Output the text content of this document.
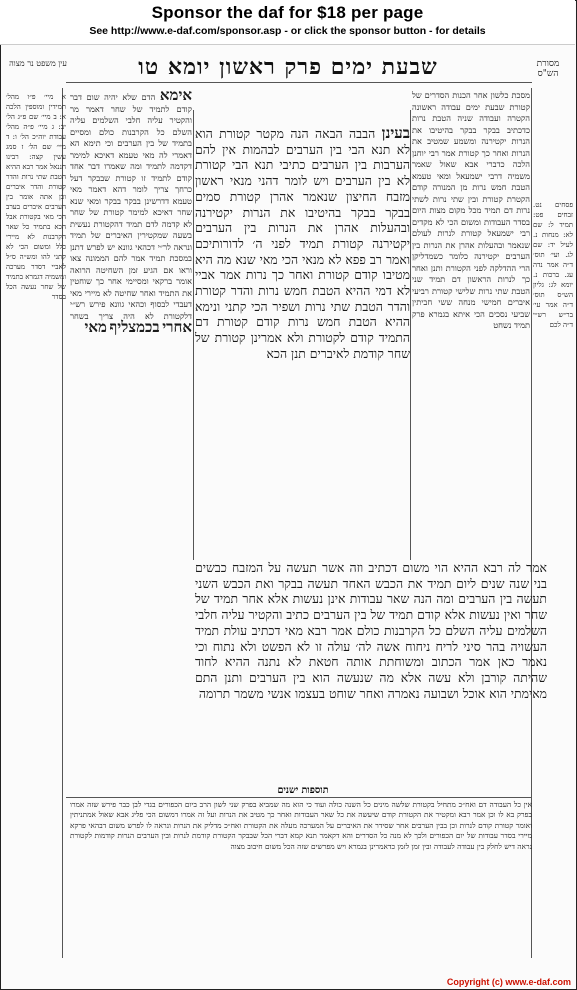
Sponsor the daf for $18 per page
See http://www.e-daf.com/sponsor.asp - or click the sponsor button - for details
מסורת הש"ס
שבעת ימים פרק ראשון יומא טו
עין משפט נר מצוה
בעינן הבבה הבאה הנה מקטר קטורת הוא לא תנא הבי בין הערבים לבהמות אין להם הערבות בין הערבים כתיבי תנא הבי קטורת לא בין הערבים ויש לומר דהני מנאי ראשון מזבח החיצון שנאמר אהרן קטורת סמים בבקר בבקר בהיטיבו את הנרות יקטירנה ובהעלות אהרן את הנרות בין הערבים יקטירנה קטורת תמיד לפני ה׳ לדורותיכם ואמר רב פפא לא מנאי הכי מאי שנא מה היא מטיבו קודם קטורת ואחר כך נרות אמר אביי לא דמי ההיא הטבת חמש נרות והדר קטורת והדר הטבת שתי נרות ושפיר הכי קתני ונימא ההיא הטבת חמש נרות קודם קטורת דם התמיד קודם לקטורת ולא אמרינן קטורת של שחר קודמת לאיברים תנן הכא
אמר לה רבא ההיא הוי משום דכתיב וזה אשר תעשה על המזבח כבשים בני שנה שנים ליום תמיד את הכבש האחד תעשה בבקר ואת הכבש השני תעשה בין הערבים ומה הנה שאר עבודות אינן נעשות אלא אחר תמיד של שחר ואין נעשות אלא קודם תמיד של בין הערבים כתיב והקטיר עליה חלבי השלמים עליה השלם כל הקרבנות כולם אמר רבא מאי דכתיב עולת תמיד העשויה בהר סיני לריח ניחוח אשה לה׳ עולה זו לא הפשט ולא נתוח וכי נאמר כאן אמר הכתוב ומשוחתת אותה חטאת לא נתנה ההיא לחוד שהיתה קורבן ולא עשה אלא מה שנעשה הוא בין הערבים ותנן התם מאימתי הוא אוכל ושבועה נאמרה ואחר שוחט בעצמו אנשי משמר תרומה
מסכת כלשון אחר הכנות הסדרים של קטורת שבעת ימים עבודה ראשונה הקטרה ועבודה שניה הטבת נרות כדכתיב בבקר בבקר בהיטיבו את הנרות יקטירנה ומשמע שמטיב את הנרות ואחר כך קטורת אמר רבי יוחנן הלכה כדברי אבא שאול שאמר משמיה דרבי ישמעאל ומאי טעמא הטבת חמש נרות מן המנורה קודם הקטרת קטורת ובין שתי נרות לשתי נרות דם תמיד מכל מקום מצות היום בסדר העבודות ומשום הכי לא מקדים רבי ישמעאל קטורת לנרות לעולם שנאמר ובהעלות אהרן את הנרות בין הערבים יקטירנה כלומר כשמדליקן הרי ההדלקה לפני הקטורת ותנן ואחר כך לנרות הראשון דם תמיד שני הטבת שתי נרות שלישי קטורת רביעי איברים חמישי מנחה ששי חביתין שביעי נסכים הכי איתא בגמרא פרק תמיד נשחט
אימא הדם שלא יהיה שום דבר קודם לתמיד של שחר דאמר מר והקטיר עליה חלבי השלמים עליה השלם כל הקרבנות כולם ומסיים בתמיד של בין הערבים וכי תימא הא דאמרי לה מאי טעמא דאיכא למימר דקדמה לתמיד ומה שאמרו דבר אחד קודם לתמיד זו קטורת שבבקר דעל כרחך צריך לומר דהא דאמר מאי טעמא דדרשינן בבקר בבקר ומאי שנא שחר דאיכא למימר קטורת של שחר לא קדמה לדם תמיד דהקטורת נעשית בשעה שמקטירין האיברים של תמיד ונראה לר״י דכהאי גוונא יש לפרש דתנן במסכת תמיד אמר להם הממונה צאו וראו אם הגיע זמן השחיטה הרואה אומר ברקאי ומסיימי אחר כך שוחטין את התמיד ואחר שחיטה לא מיירי מאי דעבדי לבסוף וכהאי גוונא פירש רש״י דלקטורת לא היה צריך בשחר אחרי בכמצליף מאי
א מיי׳ פ״ו מהל׳ תמידין ומוספין הלכה א: ב מיי׳ שם פ״ג הל׳ יב: ג מיי׳ פ״ה מהל׳ עבודת יוה״כ הל׳ ו: ד מיי׳ שם הל׳ ז סמג עשין קצה: רבינו חננאל אמר רבא ההיא הטבת שתי נרות והדר קטורת והדר איברים וכן אתה אומר בין הערבים איברים בערב הכי מאי בקטורת אבל הכא בתמיד כל שאר הקרבנות לא מיירי כלל ומשום הכי לא קתני להו ומש״ה ס״ל לאביי דסדר מערכה ומשמיה דגמרא בתמיד של שחר נעשה הכל בסדר
פסחים נט. זבחים פט: תמיד ל: שם לא: מנחות נ. לעיל יד: שם לג. ועי׳ תוס׳ ד״ה אמר נדה עג. ברכות נ. יומא לג: גליון הש״ס תוס׳ ד״ה אמר עי׳ בר״ש רש״י ד״ה לכם
תוספות ישנים
אין כל העבודה דם ואח״כ מתחיל בקטורת שלשה מינים כל השנה כולה ועוד כי הוא מה שמביא בפרק שני לשון הרב ביום הכפורים בגדי לבן כבר פירש שזה אמרו בפרק בא לו וכן אמר רבא ומקטיר את הקטורת קודם שיעשה את כל שאר העבודות ואחר כך מטיב את הנרות ועל זה אמרו דמשום הכי פליג אבא שאול אמתניתין ואומר קטורת קודם לנרות וכן בבין הערבים אחר שסידר את האיברים על המערכה מעלה את הקטורת ואח״כ מדליק את הנרות ונראה לו לפרש משום דבהאי פרקא מיירי בסדר עבודות של יום הכפורים ולכך לא מנה כל הסדרים והא דקאמר תנא קמא דברי הכל שבבקר הקטורת קודמת לנרות ובין הערבים הנרות קודמות לקטורת נראה דיש לחלק בין עבודה לעבודה ובין זמן לזמן כדאמרינן בגמרא ויש מפרשים שזה הכל משום חיבוב מצוה
Copyright (c) www.e-daf.com
